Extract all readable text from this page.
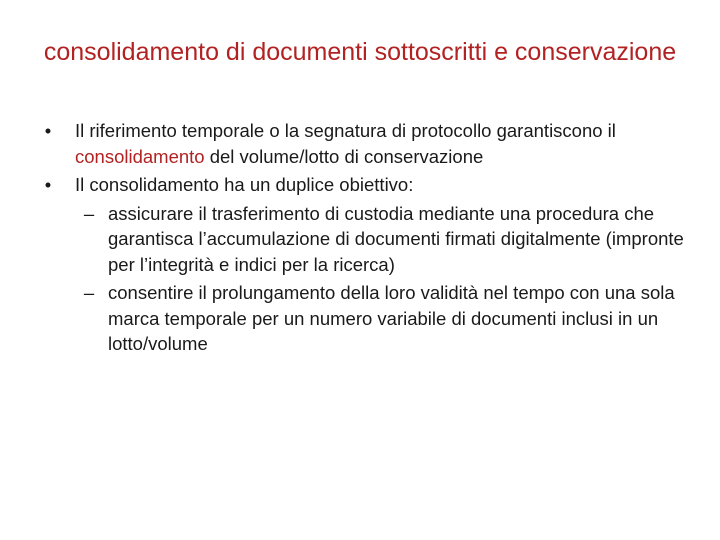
consolidamento di documenti sottoscritti e conservazione
•	Il riferimento temporale o la segnatura di protocollo garantiscono il consolidamento del volume/lotto di conservazione
•	Il consolidamento ha un duplice obiettivo:
– assicurare il trasferimento di custodia mediante una procedura che garantisca l’accumulazione di documenti firmati digitalmente (impronte per l’integrità e indici per la ricerca)
– consentire il prolungamento della loro validità nel tempo con una sola marca temporale per un numero variabile di documenti inclusi in un lotto/volume
